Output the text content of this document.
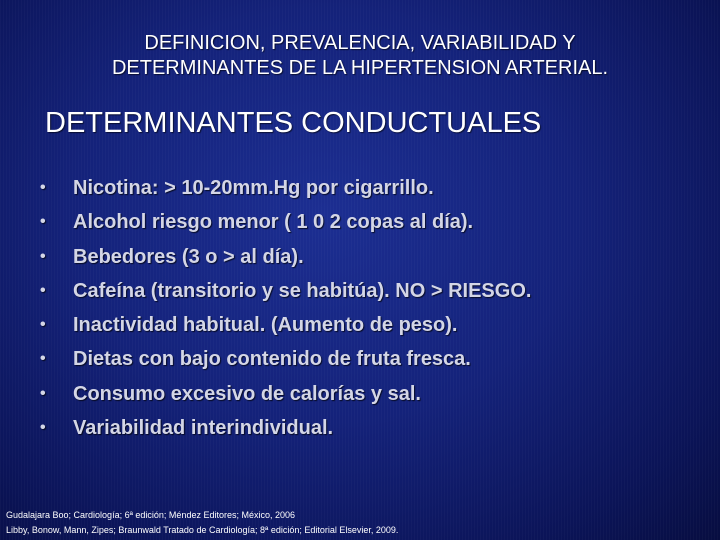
DEFINICION, PREVALENCIA, VARIABILIDAD Y
DETERMINANTES DE LA HIPERTENSION ARTERIAL.
DETERMINANTES CONDUCTUALES
•	Nicotina: > 10-20mm.Hg por cigarrillo.
•	Alcohol riesgo menor ( 1 0 2 copas al día).
•	Bebedores (3 o > al día).
•	Cafeína (transitorio y se habitúa). NO > RIESGO.
•	Inactividad habitual. (Aumento de peso).
•	Dietas con bajo contenido de fruta fresca.
•	Consumo excesivo de calorías y sal.
•	Variabilidad interindividual.
Gudalajara Boo; Cardiología; 6ª edición; Méndez Editores; México, 2006
Libby, Bonow, Mann, Zipes; Braunwald Tratado de Cardiología; 8ª edición; Editorial Elsevier, 2009.
